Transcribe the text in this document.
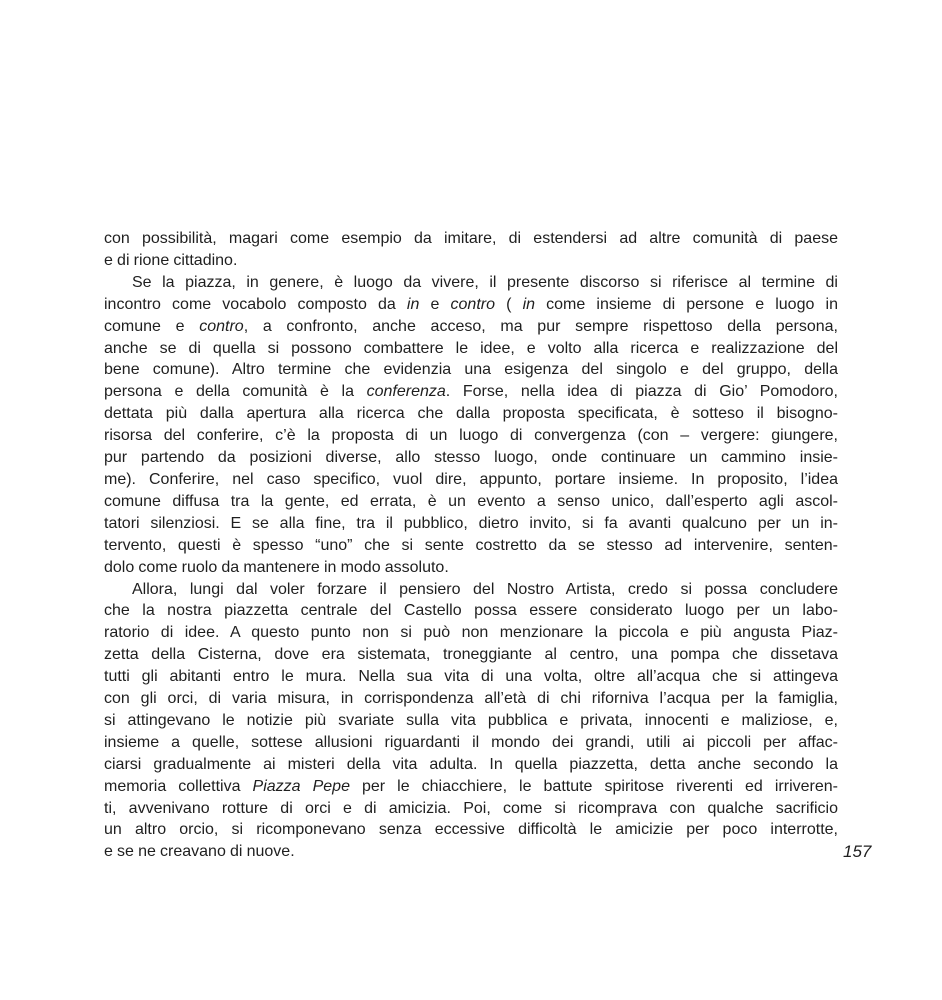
con possibilità, magari come esempio da imitare, di estendersi ad altre comunità di paese
e di rione cittadino.
Se la piazza, in genere, è luogo da vivere, il presente discorso si riferisce al termine di
incontro come vocabolo composto da in e contro ( in come insieme di persone e luogo in
comune e contro, a confronto, anche acceso, ma pur sempre rispettoso della persona,
anche se di quella si possono combattere le idee, e volto alla ricerca e realizzazione del
bene comune). Altro termine che evidenzia una esigenza del singolo e del gruppo, della
persona e della comunità è la conferenza. Forse, nella idea di piazza di Gio’ Pomodoro,
dettata più dalla apertura alla ricerca che dalla proposta specificata, è sotteso il bisogno-
risorsa del conferire, c’è la proposta di un luogo di convergenza (con – vergere: giungere,
pur partendo da posizioni diverse, allo stesso luogo, onde continuare un cammino insie-
me). Conferire, nel caso specifico, vuol dire, appunto, portare insieme. In proposito, l’idea
comune diffusa tra la gente, ed errata, è un evento a senso unico, dall’esperto agli ascol-
tatori silenziosi. E se alla fine, tra il pubblico, dietro invito, si fa avanti qualcuno per un in-
tervento, questi è spesso “uno” che si sente costretto da se stesso ad intervenire, senten-
dolo come ruolo da mantenere in modo assoluto.
Allora, lungi dal voler forzare il pensiero del Nostro Artista, credo si possa concludere
che la nostra piazzetta centrale del Castello possa essere considerato luogo per un labo-
ratorio di idee. A questo punto non si può non menzionare la piccola e più angusta Piaz-
zetta della Cisterna, dove era sistemata, troneggiante al centro, una pompa che dissetava
tutti gli abitanti entro le mura. Nella sua vita di una volta, oltre all’acqua che si attingeva
con gli orci, di varia misura, in corrispondenza all’età di chi riforniva l’acqua per la famiglia,
si attingevano le notizie più svariate sulla vita pubblica e privata, innocenti e maliziose, e,
insieme a quelle, sottese allusioni riguardanti il mondo dei grandi, utili ai piccoli per affac-
ciarsi gradualmente ai misteri della vita adulta. In quella piazzetta, detta anche secondo la
memoria collettiva Piazza Pepe per le chiacchiere, le battute spiritose riverenti ed irriveren-
ti, avvenivano rotture di orci e di amicizia. Poi, come si ricomprava con qualche sacrificio
un altro orcio, si ricomponevano senza eccessive difficoltà le amicizie per poco interrotte,
e se ne creavano di nuove.	157
